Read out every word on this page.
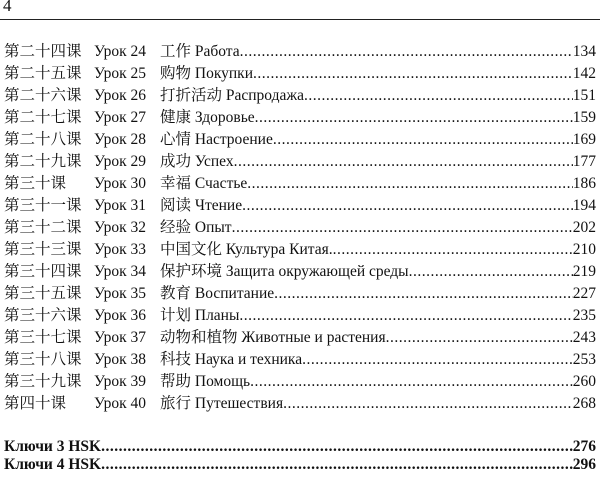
4
第二十四课 Урок 24 工作 Работа .....	134
第二十五课 Урок 25 购物 Покупки .....	142
第二十六课 Урок 26 打折活动 Распродажа .....	151
第二十七课 Урок 27 健康 Здоровье .....	159
第二十八课 Урок 28 心情 Настроение .....	169
第二十九课 Урок 29 成功 Успех .....	177
第三十课	Урок 30 幸福 Счастье .....	186
第三十一课 Урок 31 阅读 Чтение .....	194
第三十二课 Урок 32 经验 Опыт .....	202
第三十三课 Урок 33 中国文化 Культура Китая. .....	210
第三十四课 Урок 34 保护环境 Защита окружающей среды .....	219
第三十五课 Урок 35 教育 Воспитание .....	227
第三十六课 Урок 36 计划 Планы .....	235
第三十七课 Урок 37 动物和植物 Животные и растения .....	243
第三十八课 Урок 38 科技 Наука и техника .....	253
第三十九课 Урок 39 帮助 Помощь .....	260
第四十课	Урок 40 旅行 Путешествия .....	268
Ключи 3 HSK .....	276
Ключи 4 HSK .....	296
